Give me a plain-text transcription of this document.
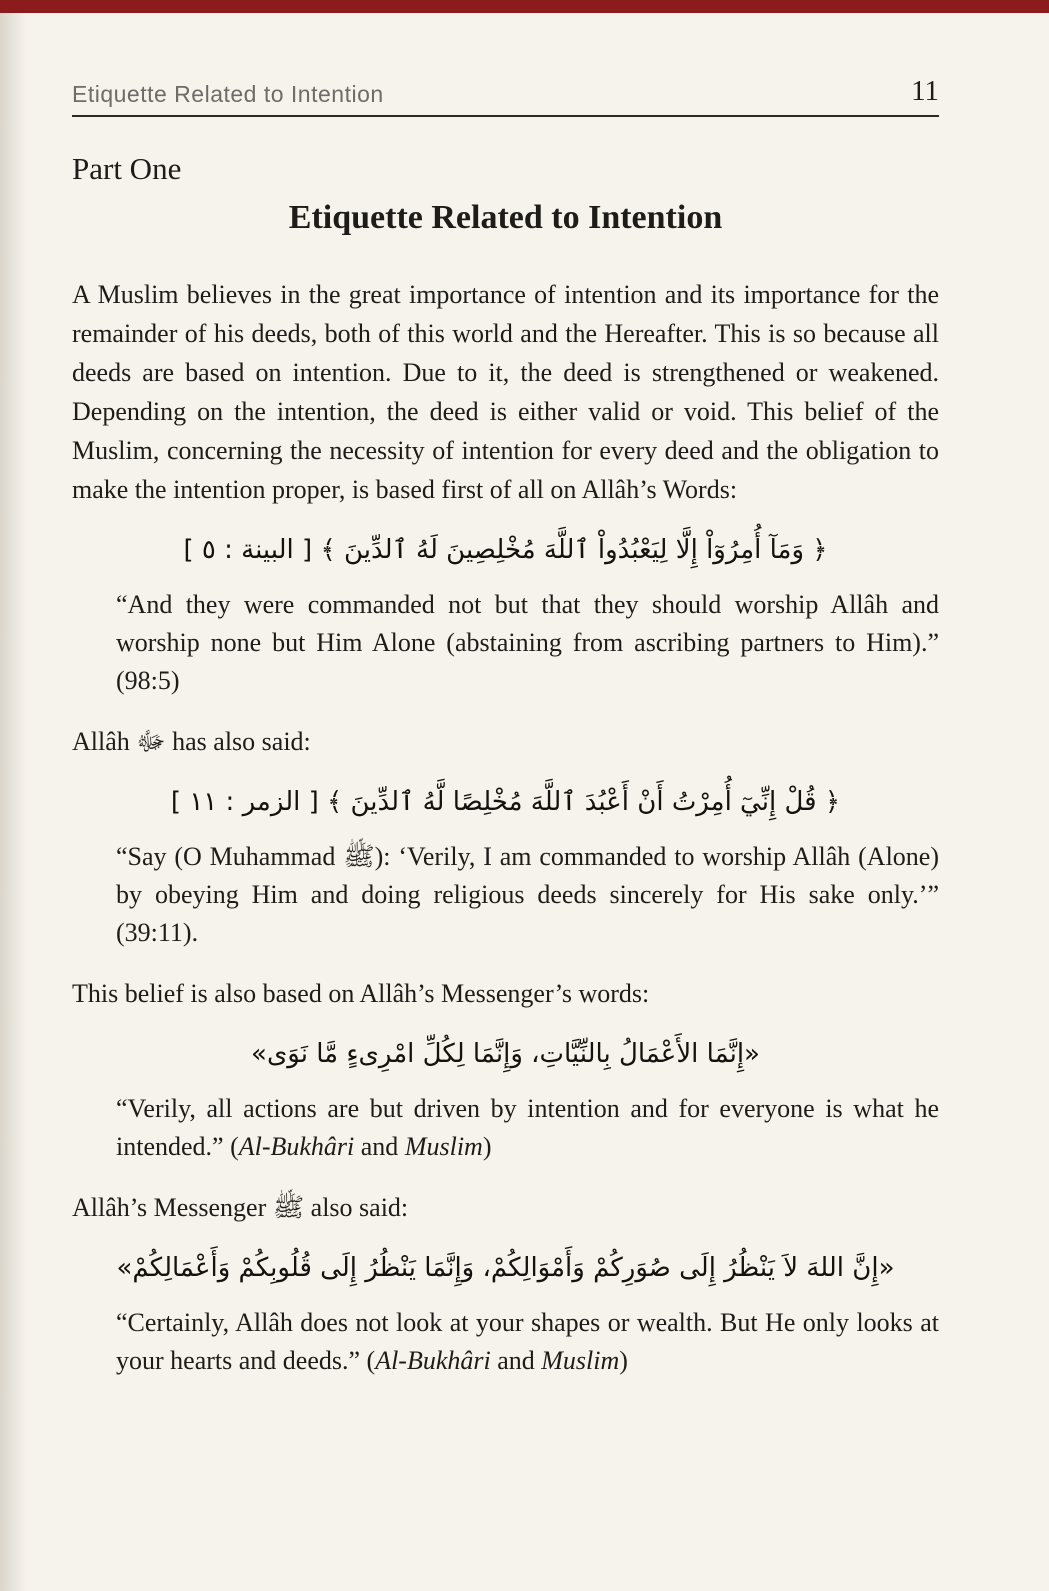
Etiquette Related to Intention	11
Part One
Etiquette Related to Intention

A Muslim believes in the great importance of intention and its importance for the remainder of his deeds, both of this world and the Hereafter. This is so because all deeds are based on intention. Due to it, the deed is strengthened or weakened. Depending on the intention, the deed is either valid or void. This belief of the Muslim, concerning the necessity of intention for every deed and the obligation to make the intention proper, is based first of all on Allâh’s Words:

﴿ وَمَآ أُمِرُوٓاْ إِلَّا لِيَعْبُدُواْ ٱللَّهَ مُخْلِصِينَ لَهُ ٱلدِّينَ ﴾ [ البينة : ٥ ]

“And they were commanded not but that they should worship Allâh and worship none but Him Alone (abstaining from ascribing partners to Him).” (98:5)

Allâh ﷻ has also said:

﴿ قُلْ إِنِّيٓ أُمِرْتُ أَنْ أَعْبُدَ ٱللَّهَ مُخْلِصًا لَّهُ ٱلدِّينَ ﴾ [ الزمر : ١١ ]

“Say (O Muhammad ﷺ): ‘Verily, I am commanded to worship Allâh (Alone) by obeying Him and doing religious deeds sincerely for His sake only.’” (39:11).

This belief is also based on Allâh’s Messenger’s words:

«إِنَّمَا الأَعْمَالُ بِالنِّيَّاتِ، وَإِنَّمَا لِكُلِّ امْرِىءٍ مَّا نَوَى»

“Verily, all actions are but driven by intention and for everyone is what he intended.” (Al-Bukhâri and Muslim)

Allâh’s Messenger ﷺ also said:

«إِنَّ اللهَ لاَ يَنْظُرُ إِلَى صُوَرِكُمْ وَأَمْوَالِكُمْ، وَإِنَّمَا يَنْظُرُ إِلَى قُلُوبِكُمْ وَأَعْمَالِكُمْ»

“Certainly, Allâh does not look at your shapes or wealth. But He only looks at your hearts and deeds.” (Al-Bukhâri and Muslim)
